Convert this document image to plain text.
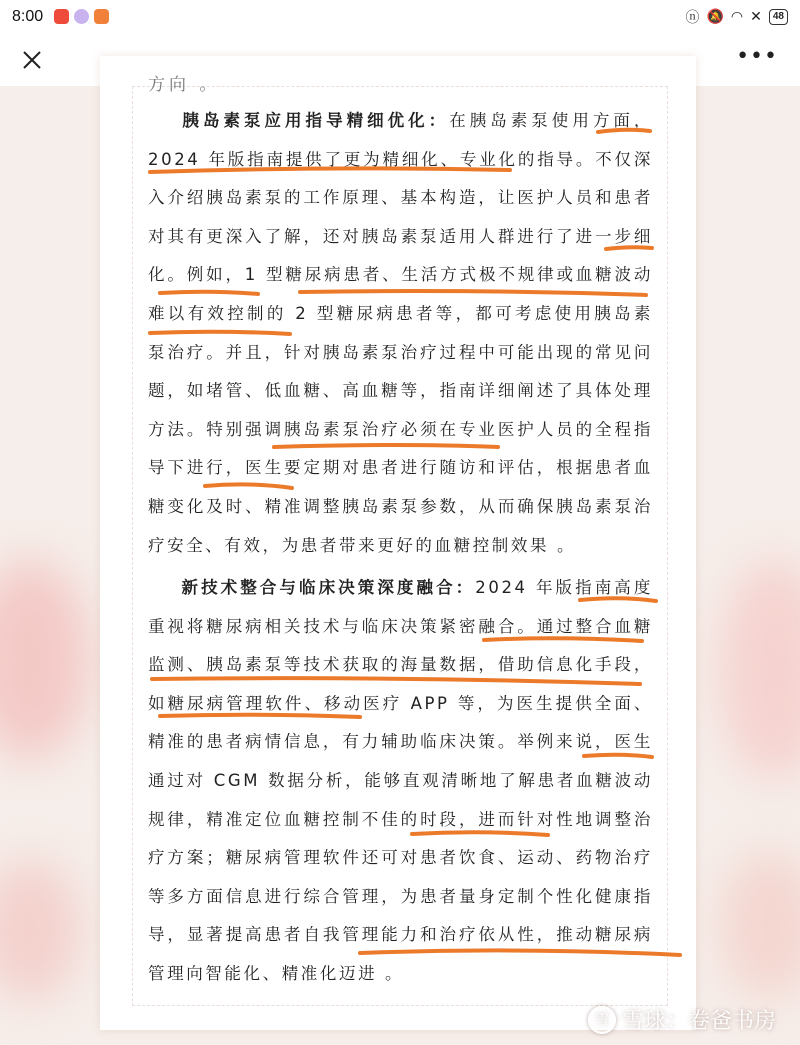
8:00	ⓝ 🔕 ◠ ✕	48
•••
方向 。
胰岛素泵应用指导精细优化：在胰岛素泵使用方面，2024 年版指南提供了更为精细化、专业化的指导。不仅深入介绍胰岛素泵的工作原理、基本构造，让医护人员和患者对其有更深入了解，还对胰岛素泵适用人群进行了进一步细化。例如，1 型糖尿病患者、生活方式极不规律或血糖波动难以有效控制的 2 型糖尿病患者等，都可考虑使用胰岛素泵治疗。并且，针对胰岛素泵治疗过程中可能出现的常见问题，如堵管、低血糖、高血糖等，指南详细阐述了具体处理方法。特别强调胰岛素泵治疗必须在专业医护人员的全程指导下进行，医生要定期对患者进行随访和评估，根据患者血糖变化及时、精准调整胰岛素泵参数，从而确保胰岛素泵治疗安全、有效，为患者带来更好的血糖控制效果 。
新技术整合与临床决策深度融合：2024 年版指南高度重视将糖尿病相关技术与临床决策紧密融合。通过整合血糖监测、胰岛素泵等技术获取的海量数据，借助信息化手段，如糖尿病管理软件、移动医疗 APP 等，为医生提供全面、精准的患者病情信息，有力辅助临床决策。举例来说，医生通过对 CGM 数据分析，能够直观清晰地了解患者血糖波动规律，精准定位血糖控制不佳的时段，进而针对性地调整治疗方案；糖尿病管理软件还可对患者饮食、运动、药物治疗等多方面信息进行综合管理，为患者量身定制个性化健康指导，显著提高患者自我管理能力和治疗依从性，推动糖尿病管理向智能化、精准化迈进 。
雪 雪球：卷爸书房
